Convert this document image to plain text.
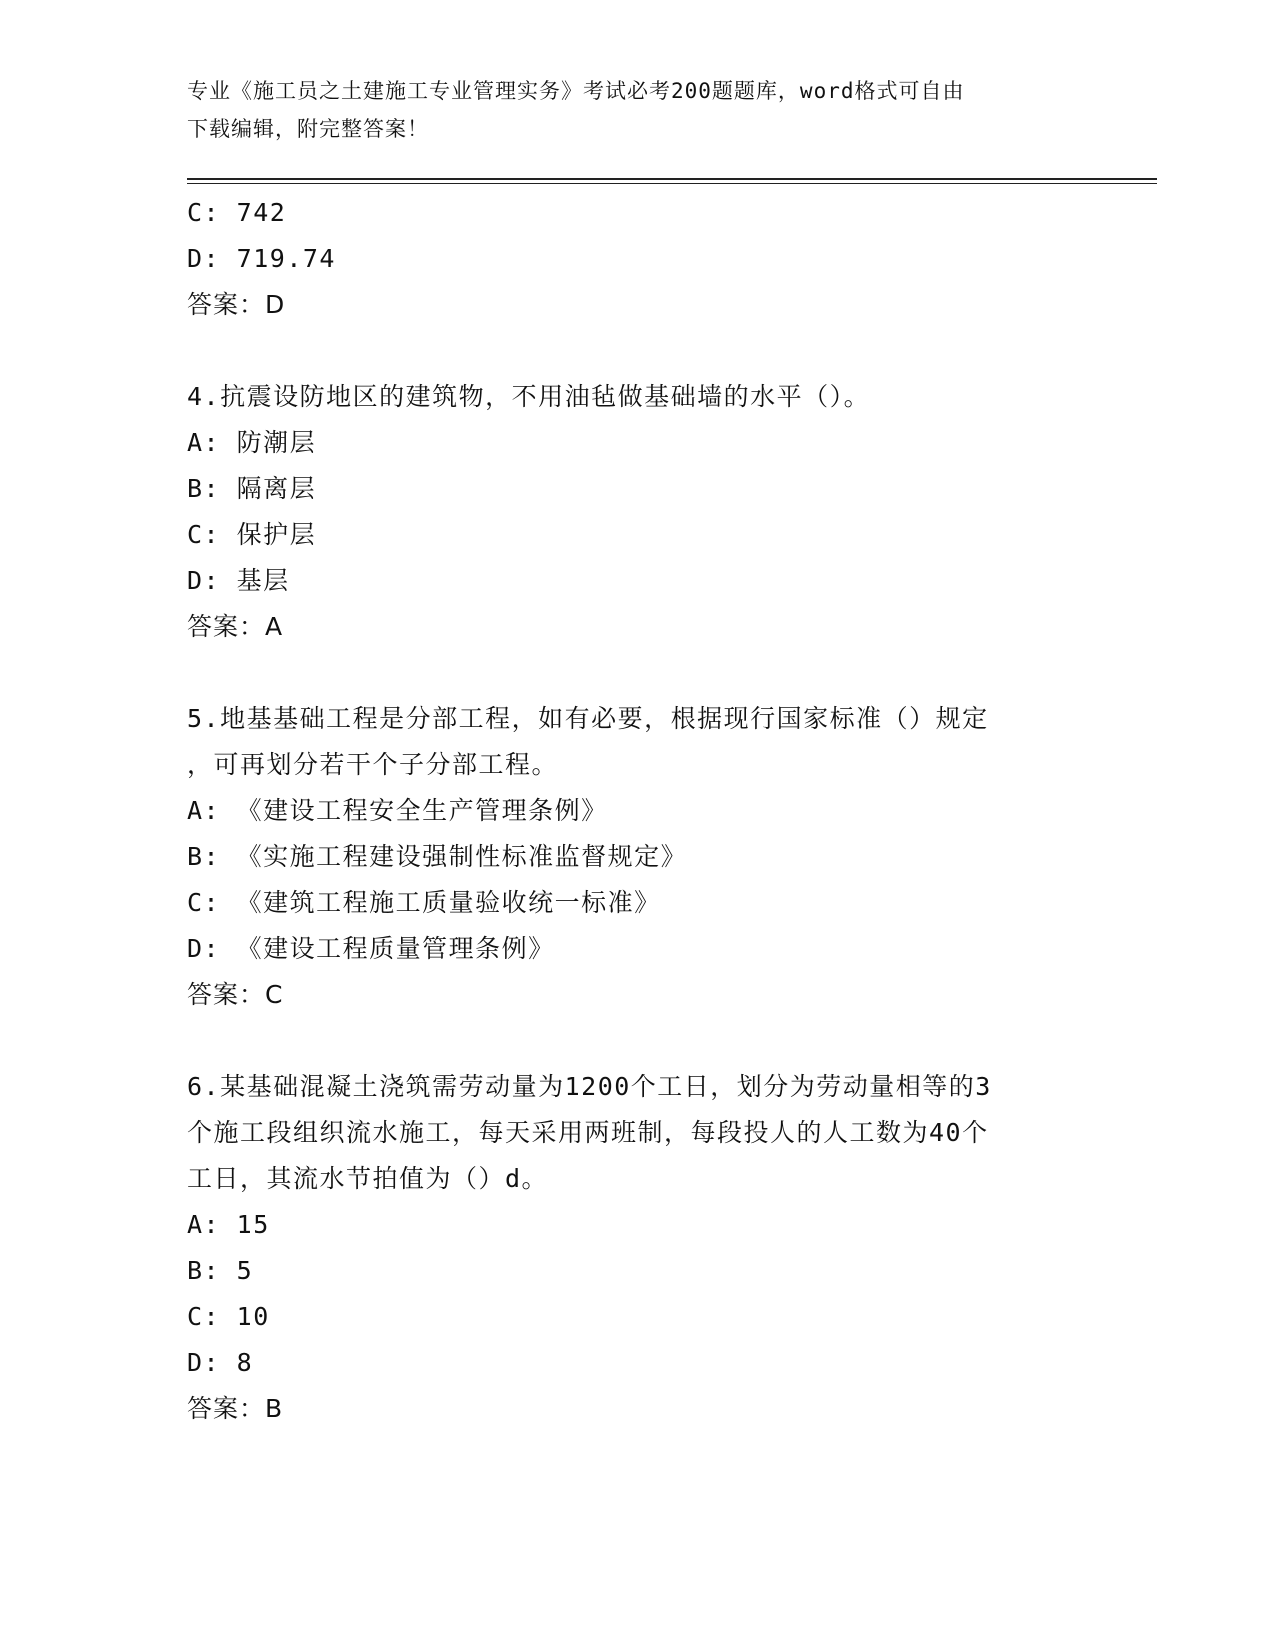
专业《施工员之土建施工专业管理实务》考试必考200题题库，word格式可自由
下载编辑，附完整答案！
C: 742
D: 719.74
答案：D
4.抗震设防地区的建筑物，不用油毡做基础墙的水平（）。
A: 防潮层
B: 隔离层
C: 保护层
D: 基层
答案：A
5.地基基础工程是分部工程，如有必要，根据现行国家标准（）规定
，可再划分若干个子分部工程。
A: 《建设工程安全生产管理条例》
B: 《实施工程建设强制性标准监督规定》
C: 《建筑工程施工质量验收统一标准》
D: 《建设工程质量管理条例》
答案：C
6.某基础混凝土浇筑需劳动量为1200个工日，划分为劳动量相等的3
个施工段组织流水施工，每天采用两班制，每段投人的人工数为40个
工日，其流水节拍值为（）d。
A: 15
B: 5
C: 10
D: 8
答案：B
